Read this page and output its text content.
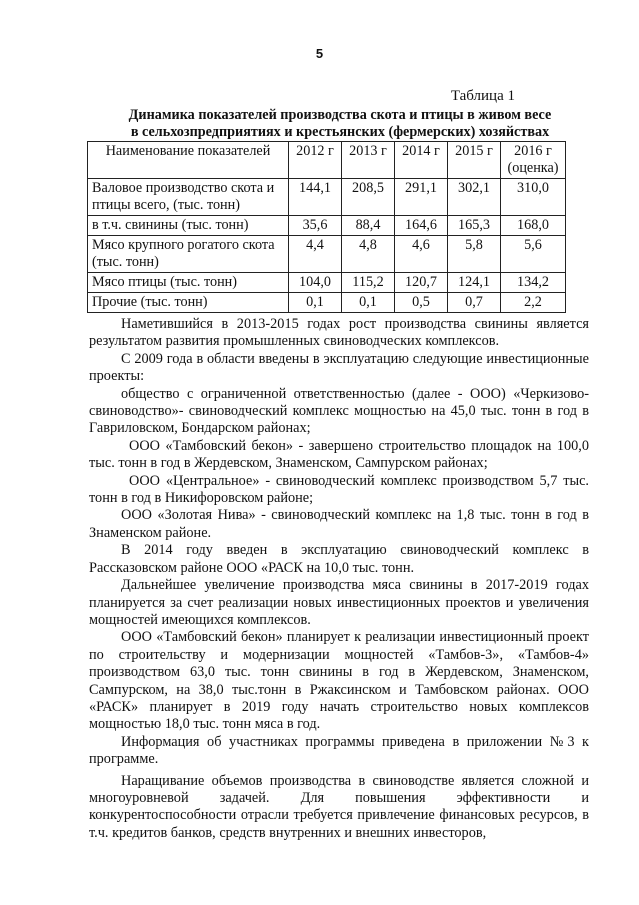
5
Таблица 1
Динамика показателей производства скота и птицы в живом весе
в сельхозпредприятиях и крестьянских (фермерских) хозяйствах
Наименование показателей	2012 г	2013 г	2014 г	2015 г	2016 г (оценка)
Валовое производство скота и птицы всего, (тыс. тонн)	144,1	208,5	291,1	302,1	310,0
в т.ч. свинины (тыс. тонн)	35,6	88,4	164,6	165,3	168,0
Мясо крупного рогатого скота (тыс. тонн)	4,4	4,8	4,6	5,8	5,6
Мясо птицы (тыс. тонн)	104,0	115,2	120,7	124,1	134,2
Прочие (тыс. тонн)	0,1	0,1	0,5	0,7	2,2

Наметившийся в 2013-2015 годах рост производства свинины является результатом развития промышленных свиноводческих комплексов.

С 2009 года в области введены в эксплуатацию следующие инвестиционные проекты:

общество с ограниченной ответственностью (далее - ООО) «Черкизово-свиноводство»- свиноводческий комплекс мощностью на 45,0 тыс. тонн в год в Гавриловском, Бондарском районах;

ООО «Тамбовский бекон» - завершено строительство площадок на 100,0 тыс. тонн в год в Жердевском, Знаменском, Сампурском районах;

ООО «Центральное» - свиноводческий комплекс производством 5,7 тыс. тонн в год в Никифоровском районе;

ООО «Золотая Нива» - свиноводческий комплекс на 1,8 тыс. тонн в год в Знаменском районе.

В 2014 году введен в эксплуатацию свиноводческий комплекс в Рассказовском районе ООО «РАСК на 10,0 тыс. тонн.

Дальнейшее увеличение производства мяса свинины в 2017-2019 годах планируется за счет реализации новых инвестиционных проектов и увеличения мощностей имеющихся комплексов.

ООО «Тамбовский бекон» планирует к реализации инвестиционный проект по строительству и модернизации мощностей «Тамбов-3», «Тамбов-4» производством 63,0 тыс. тонн свинины в год в Жердевском, Знаменском, Сампурском, на 38,0 тыс.тонн в Ржаксинском и Тамбовском районах. ООО «РАСК» планирует в 2019 году начать строительство новых комплексов мощностью 18,0 тыс. тонн мяса в год.

Информация об участниках программы приведена в приложении №3 к программе.

Наращивание объемов производства в свиноводстве является сложной и многоуровневой задачей. Для повышения эффективности и конкурентоспособности отрасли требуется привлечение финансовых ресурсов, в т.ч. кредитов банков, средств внутренних и внешних инвесторов,
